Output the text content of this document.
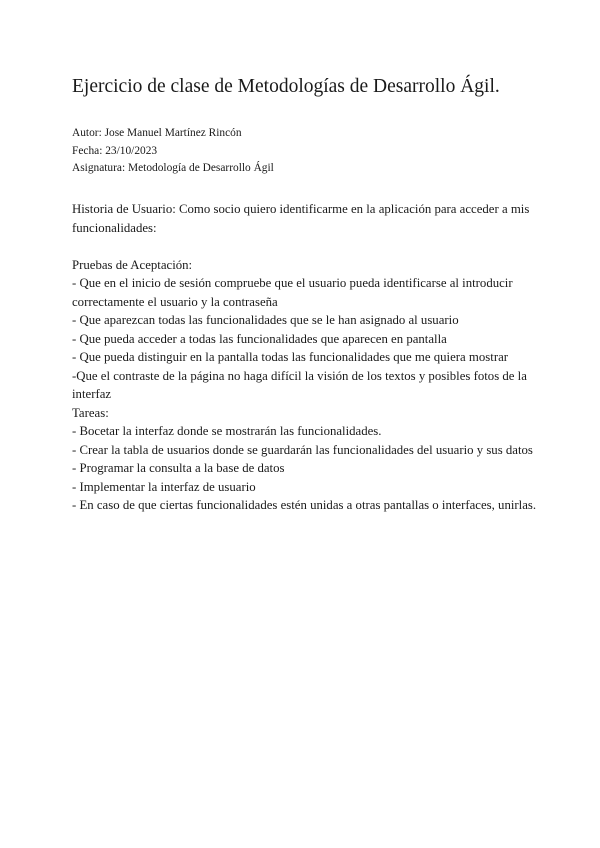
Ejercicio de clase de Metodologías de Desarrollo Ágil.
Autor: Jose Manuel Martínez Rincón
Fecha: 23/10/2023
Asignatura: Metodología de Desarrollo Ágil

Historia de Usuario: Como socio quiero identificarme en la aplicación para acceder a mis funcionalidades:

Pruebas de Aceptación:

- Que en el inicio de sesión compruebe que el usuario pueda identificarse al introducir correctamente el usuario y la contraseña
- Que aparezcan todas las funcionalidades que se le han asignado al usuario
- Que pueda acceder a todas las funcionalidades que aparecen en pantalla
- Que pueda distinguir en la pantalla todas las funcionalidades que me quiera mostrar
-Que el contraste de la página no haga difícil la visión de los textos y posibles fotos de la interfaz

Tareas:

- Bocetar la interfaz donde se mostrarán las funcionalidades.
- Crear la tabla de usuarios donde se guardarán las funcionalidades del usuario y sus datos
- Programar la consulta a la base de datos
- Implementar la interfaz de usuario
- En caso de que ciertas funcionalidades estén unidas a otras pantallas o interfaces, unirlas.
